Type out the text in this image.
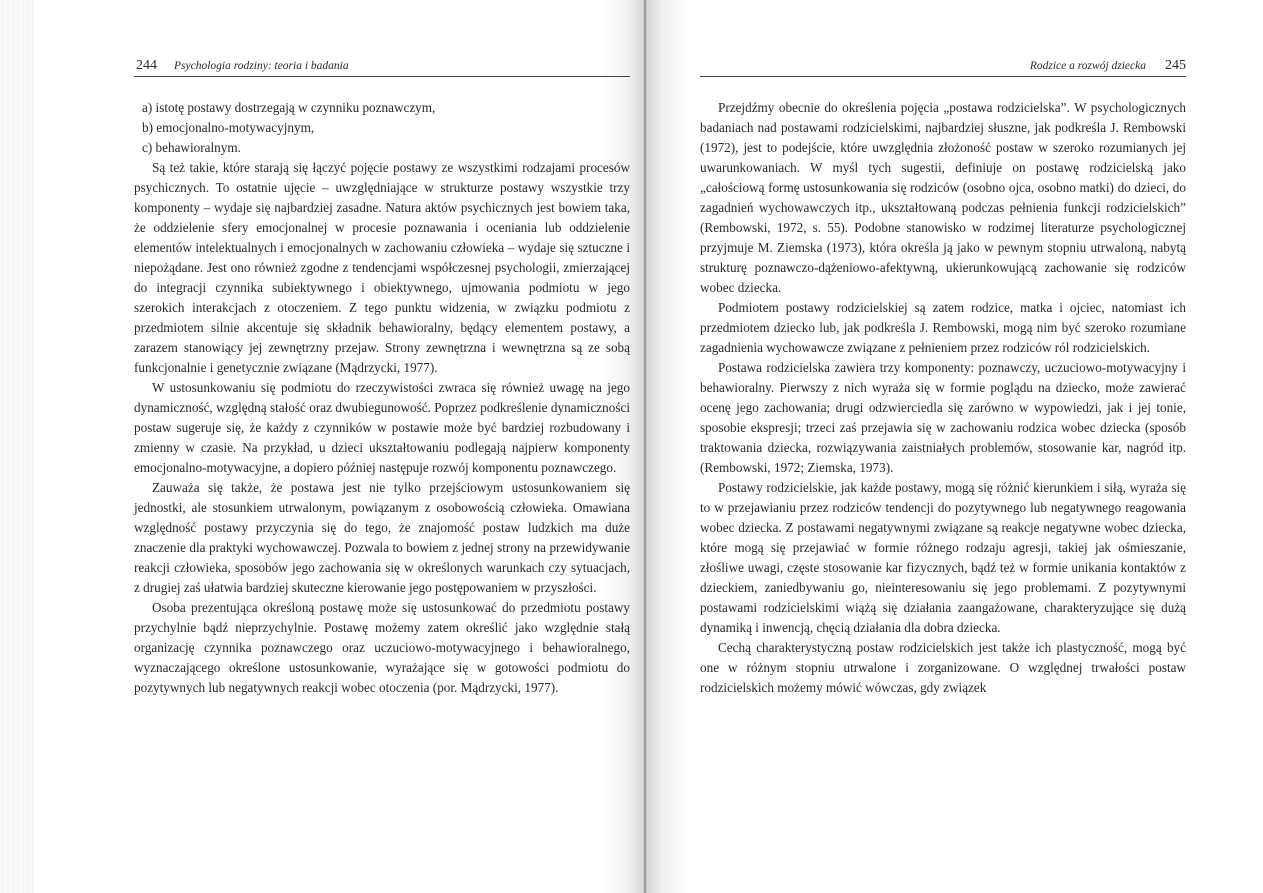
244 Psychologia rodziny: teoria i badania

a) istotę postawy dostrzegają w czynniku poznawczym,

b) emocjonalno-motywacyjnym,

c) behawioralnym.

Są też takie, które starają się łączyć pojęcie postawy ze wszystkimi rodzajami procesów psychicznych. To ostatnie ujęcie – uwzględniające w strukturze postawy wszystkie trzy komponenty – wydaje się najbardziej zasadne. Natura aktów psychicznych jest bowiem taka, że oddzielenie sfery emocjonalnej w procesie poznawania i oceniania lub oddzielenie elementów intelektualnych i emocjonalnych w zachowaniu człowieka – wydaje się sztuczne i niepożądane. Jest ono również zgodne z tendencjami współczesnej psychologii, zmierzającej do integracji czynnika subiektywnego i obiektywnego, ujmowania podmiotu w jego szerokich interakcjach z otoczeniem. Z tego punktu widzenia, w związku podmiotu z przedmiotem silnie akcentuje się składnik behawioralny, będący elementem postawy, a zarazem stanowiący jej zewnętrzny przejaw. Strony zewnętrzna i wewnętrzna są ze sobą funkcjonalnie i genetycznie związane (Mądrzycki, 1977).

W ustosunkowaniu się podmiotu do rzeczywistości zwraca się również uwagę na jego dynamiczność, względną stałość oraz dwubiegunowość. Poprzez podkreślenie dynamiczności postaw sugeruje się, że każdy z czynników w postawie może być bardziej rozbudowany i zmienny w czasie. Na przykład, u dzieci ukształtowaniu podlegają najpierw komponenty emocjonalno-motywacyjne, a dopiero później następuje rozwój komponentu poznawczego.

Zauważa się także, że postawa jest nie tylko przejściowym ustosunkowaniem się jednostki, ale stosunkiem utrwalonym, powiązanym z osobowością człowieka. Omawiana względność postawy przyczynia się do tego, że znajomość postaw ludzkich ma duże znaczenie dla praktyki wychowawczej. Pozwala to bowiem z jednej strony na przewidywanie reakcji człowieka, sposobów jego zachowania się w określonych warunkach czy sytuacjach, z drugiej zaś ułatwia bardziej skuteczne kierowanie jego postępowaniem w przyszłości.

Osoba prezentująca określoną postawę może się ustosunkować do przedmiotu postawy przychylnie bądź nieprzychylnie. Postawę możemy zatem określić jako względnie stałą organizację czynnika poznawczego oraz uczuciowo-motywacyjnego i behawioralnego, wyznaczającego określone ustosunkowanie, wyrażające się w gotowości podmiotu do pozytywnych lub negatywnych reakcji wobec otoczenia (por. Mądrzycki, 1977).

Rodzice a rozwój dziecka 245

Przejdźmy obecnie do określenia pojęcia „postawa rodzicielska”. W psychologicznych badaniach nad postawami rodzicielskimi, najbardziej słuszne, jak podkreśla J. Rembowski (1972), jest to podejście, które uwzględnia złożoność postaw w szeroko rozumianych jej uwarunkowaniach. W myśl tych sugestii, definiuje on postawę rodzicielską jako „całościową formę ustosunkowania się rodziców (osobno ojca, osobno matki) do dzieci, do zagadnień wychowawczych itp., ukształtowaną podczas pełnienia funkcji rodzicielskich” (Rembowski, 1972, s. 55). Podobne stanowisko w rodzimej literaturze psychologicznej przyjmuje M. Ziemska (1973), która określa ją jako w pewnym stopniu utrwaloną, nabytą strukturę poznawczo-dążeniowo-afektywną, ukierunkowującą zachowanie się rodziców wobec dziecka.

Podmiotem postawy rodzicielskiej są zatem rodzice, matka i ojciec, natomiast ich przedmiotem dziecko lub, jak podkreśla J. Rembowski, mogą nim być szeroko rozumiane zagadnienia wychowawcze związane z pełnieniem przez rodziców ról rodzicielskich.

Postawa rodzicielska zawiera trzy komponenty: poznawczy, uczuciowo-motywacyjny i behawioralny. Pierwszy z nich wyraża się w formie poglądu na dziecko, może zawierać ocenę jego zachowania; drugi odzwierciedla się zarówno w wypowiedzi, jak i jej tonie, sposobie ekspresji; trzeci zaś przejawia się w zachowaniu rodzica wobec dziecka (sposób traktowania dziecka, rozwiązywania zaistniałych problemów, stosowanie kar, nagród itp. (Rembowski, 1972; Ziemska, 1973).

Postawy rodzicielskie, jak każde postawy, mogą się różnić kierunkiem i siłą, wyraża się to w przejawianiu przez rodziców tendencji do pozytywnego lub negatywnego reagowania wobec dziecka. Z postawami negatywnymi związane są reakcje negatywne wobec dziecka, które mogą się przejawiać w formie różnego rodzaju agresji, takiej jak ośmieszanie, złośliwe uwagi, częste stosowanie kar fizycznych, bądź też w formie unikania kontaktów z dzieckiem, zaniedbywaniu go, nieinteresowaniu się jego problemami. Z pozytywnymi postawami rodzicielskimi wiążą się działania zaangażowane, charakteryzujące się dużą dynamiką i inwencją, chęcią działania dla dobra dziecka.

Cechą charakterystyczną postaw rodzicielskich jest także ich plastyczność, mogą być one w różnym stopniu utrwalone i zorganizowane. O względnej trwałości postaw rodzicielskich możemy mówić wówczas, gdy związek
